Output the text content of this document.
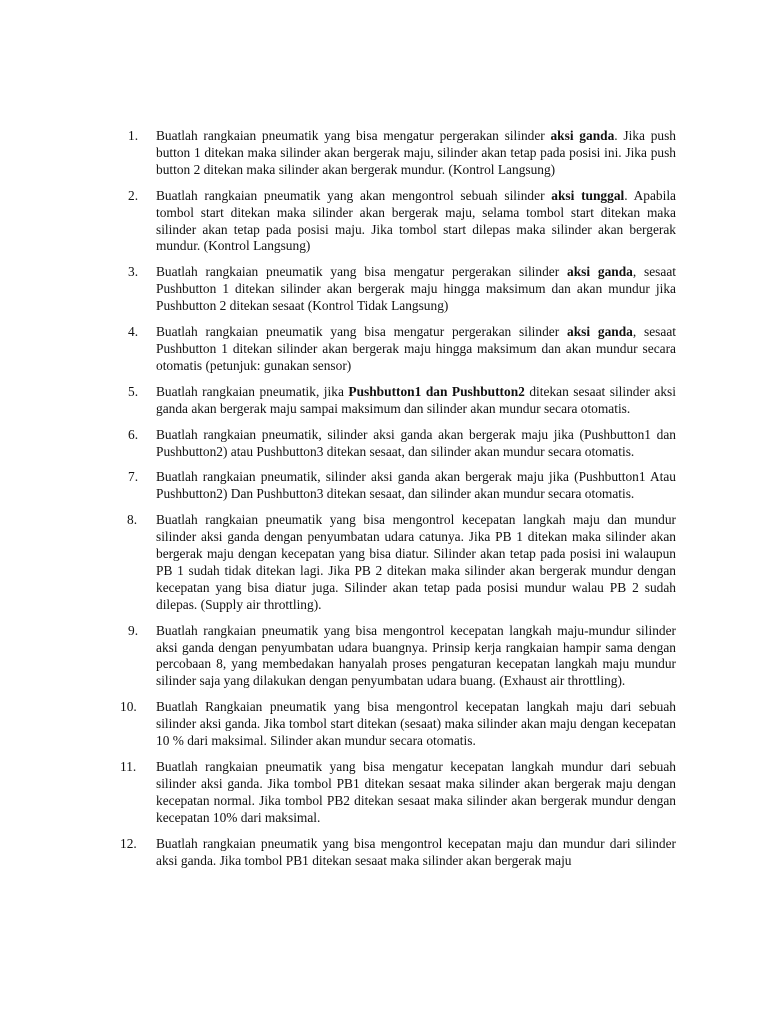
1.	Buatlah rangkaian pneumatik yang bisa mengatur pergerakan silinder aksi ganda. Jika push button 1 ditekan maka silinder akan bergerak maju, silinder akan tetap pada posisi ini. Jika push button 2 ditekan maka silinder akan bergerak mundur. (Kontrol Langsung)
2.	Buatlah rangkaian pneumatik yang akan mengontrol sebuah silinder aksi tunggal. Apabila tombol start ditekan maka silinder akan bergerak maju, selama tombol start ditekan maka silinder akan tetap pada posisi maju. Jika tombol start dilepas maka silinder akan bergerak mundur. (Kontrol Langsung)
3.	Buatlah rangkaian pneumatik yang bisa mengatur pergerakan silinder aksi ganda, sesaat Pushbutton 1 ditekan silinder akan bergerak maju hingga maksimum dan akan mundur jika Pushbutton 2 ditekan sesaat (Kontrol Tidak Langsung)
4.	Buatlah rangkaian pneumatik yang bisa mengatur pergerakan silinder aksi ganda, sesaat Pushbutton 1 ditekan silinder akan bergerak maju hingga maksimum dan akan mundur secara otomatis (petunjuk: gunakan sensor)
5.	Buatlah rangkaian pneumatik, jika Pushbutton1 dan Pushbutton2 ditekan sesaat silinder aksi ganda akan bergerak maju sampai maksimum dan silinder akan mundur secara otomatis.
6.	Buatlah rangkaian pneumatik, silinder aksi ganda akan bergerak maju jika (Pushbutton1 dan Pushbutton2) atau Pushbutton3 ditekan sesaat, dan silinder akan mundur secara otomatis.
7.	Buatlah rangkaian pneumatik, silinder aksi ganda akan bergerak maju jika (Pushbutton1 Atau Pushbutton2) Dan Pushbutton3 ditekan sesaat, dan silinder akan mundur secara otomatis.
8.	Buatlah rangkaian pneumatik yang bisa mengontrol kecepatan langkah maju dan mundur silinder aksi ganda dengan penyumbatan udara catunya. Jika PB 1 ditekan maka silinder akan bergerak maju dengan kecepatan yang bisa diatur. Silinder akan tetap pada posisi ini walaupun PB 1 sudah tidak ditekan lagi. Jika PB 2 ditekan maka silinder akan bergerak mundur dengan kecepatan yang bisa diatur juga. Silinder akan tetap pada posisi mundur walau PB 2 sudah dilepas. (Supply air throttling).
9.	Buatlah rangkaian pneumatik yang bisa mengontrol kecepatan langkah maju-mundur silinder aksi ganda dengan penyumbatan udara buangnya. Prinsip kerja rangkaian hampir sama dengan percobaan 8, yang membedakan hanyalah proses pengaturan kecepatan langkah maju mundur silinder saja yang dilakukan dengan penyumbatan udara buang. (Exhaust air throttling).
10.	Buatlah Rangkaian pneumatik yang bisa mengontrol kecepatan langkah maju dari sebuah silinder aksi ganda. Jika tombol start ditekan (sesaat) maka silinder akan maju dengan kecepatan 10 % dari maksimal. Silinder akan mundur secara otomatis.
11.	Buatlah rangkaian pneumatik yang bisa mengatur kecepatan langkah mundur dari sebuah silinder aksi ganda. Jika tombol PB1 ditekan sesaat maka silinder akan bergerak maju dengan kecepatan normal. Jika tombol PB2 ditekan sesaat maka silinder akan bergerak mundur dengan kecepatan 10% dari maksimal.
12.	Buatlah rangkaian pneumatik yang bisa mengontrol kecepatan maju dan mundur dari silinder aksi ganda. Jika tombol PB1 ditekan sesaat maka silinder akan bergerak maju
